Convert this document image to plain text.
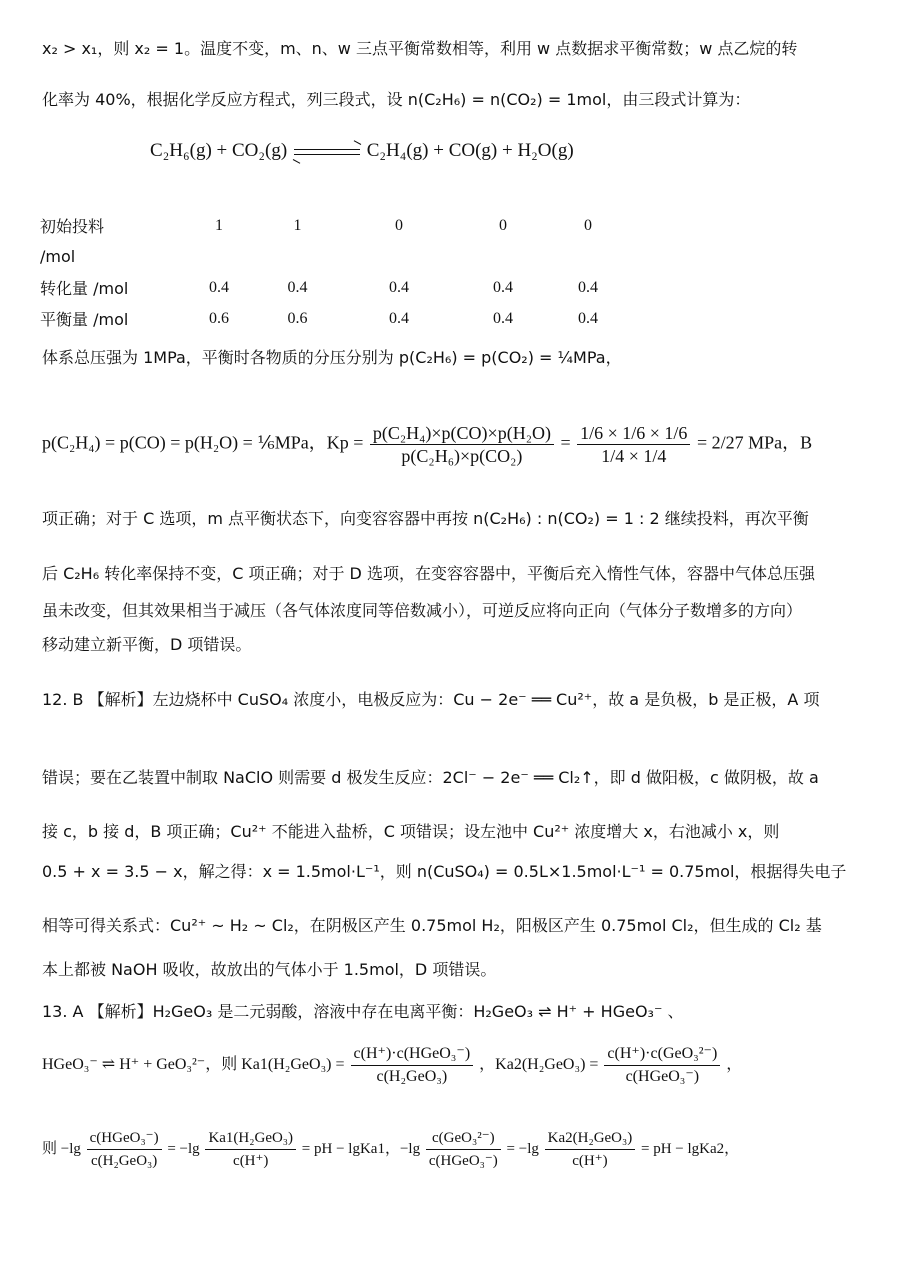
x₂ > x₁，则 x₂ = 1。温度不变，m、n、w 三点平衡常数相等，利用 w 点数据求平衡常数；w 点乙烷的转
化率为 40%，根据化学反应方程式，列三段式，设 n(C₂H₆) = n(CO₂) = 1mol，由三段式计算为：
C₂H₆(g) + CO₂(g)	C₂H₄(g) + CO(g) + H₂O(g)
初始投料	1	1	0	0	0
/mol					
转化量 /mol	0.4	0.4	0.4	0.4	0.4
平衡量 /mol	0.6	0.6	0.4	0.4	0.4
体系总压强为 1MPa，平衡时各物质的分压分别为 p(C₂H₆) = p(CO₂) = ¼MPa，
p(C₂H₄) = p(CO) = p(H₂O) = ⅙MPa，$Kp = \frac{\text{p(C₂H₄)×p(CO)×p(H₂O)}}{\text{p(C₂H₆)×p(CO₂)}} = \frac{1/6 \times 1/6 \times 1/6}{1/4 \times 1/4} = 2/27$ MPa，B
项正确；对于 C 选项，m 点平衡状态下，向变容容器中再按 n(C₂H₆) : n(CO₂) = 1 : 2 继续投料，再次平衡
后 C₂H₆ 转化率保持不变，C 项正确；对于 D 选项，在变容容器中，平衡后充入惰性气体，容器中气体总压强
虽未改变，但其效果相当于减压（各气体浓度同等倍数减小），可逆反应将向正向（气体分子数增多的方向）
移动建立新平衡，D 项错误。
12. B 【解析】左边烧杯中 CuSO₄ 浓度小，电极反应为：Cu − 2e⁻ ══ Cu²⁺，故 a 是负极，b 是正极，A 项
错误；要在乙装置中制取 NaClO 则需要 d 极发生反应：2Cl⁻ − 2e⁻ ══ Cl₂↑，即 d 做阳极，c 做阴极，故 a
接 c，b 接 d，B 项正确；Cu²⁺ 不能进入盐桥，C 项错误；设左池中 Cu²⁺ 浓度增大 x，右池减小 x，则
0.5 + x = 3.5 − x，解之得：x = 1.5mol·L⁻¹，则 n(CuSO₄) = 0.5L×1.5mol·L⁻¹ = 0.75mol，根据得失电子
相等可得关系式：Cu²⁺ ~ H₂ ~ Cl₂，在阴极区产生 0.75mol H₂，阳极区产生 0.75mol Cl₂，但生成的 Cl₂ 基
本上都被 NaOH 吸收，故放出的气体小于 1.5mol，D 项错误。
13. A 【解析】H₂GeO₃ 是二元弱酸，溶液中存在电离平衡：H₂GeO₃ ⇌ H⁺ + HGeO₃⁻ 、
HGeO₃⁻ ⇌ H⁺ + GeO₃²⁻，则 $Ka1(H_2GeO_3) = \frac{\text{c(H⁺)·c(HGeO₃⁻)}}{\text{c(H₂GeO₃)}}$ ，$Ka2(H_2GeO_3) = \frac{\text{c(H⁺)·c(GeO₃²⁻)}}{\text{c(HGeO₃⁻)}}$ ，
则 $-\lg \frac{\text{c(HGeO₃⁻)}}{\text{c(H₂GeO₃)}} = -\lg \frac{\text{Ka1(H₂GeO₃)}}{c(H^+)}$ = pH − lgKa1，$-\lg \frac{\text{c(GeO₃²⁻)}}{\text{c(HGeO₃⁻)}} = -\lg \frac{\text{Ka2(H₂GeO₃)}}{c(H^+)}$ = pH − lgKa2，
